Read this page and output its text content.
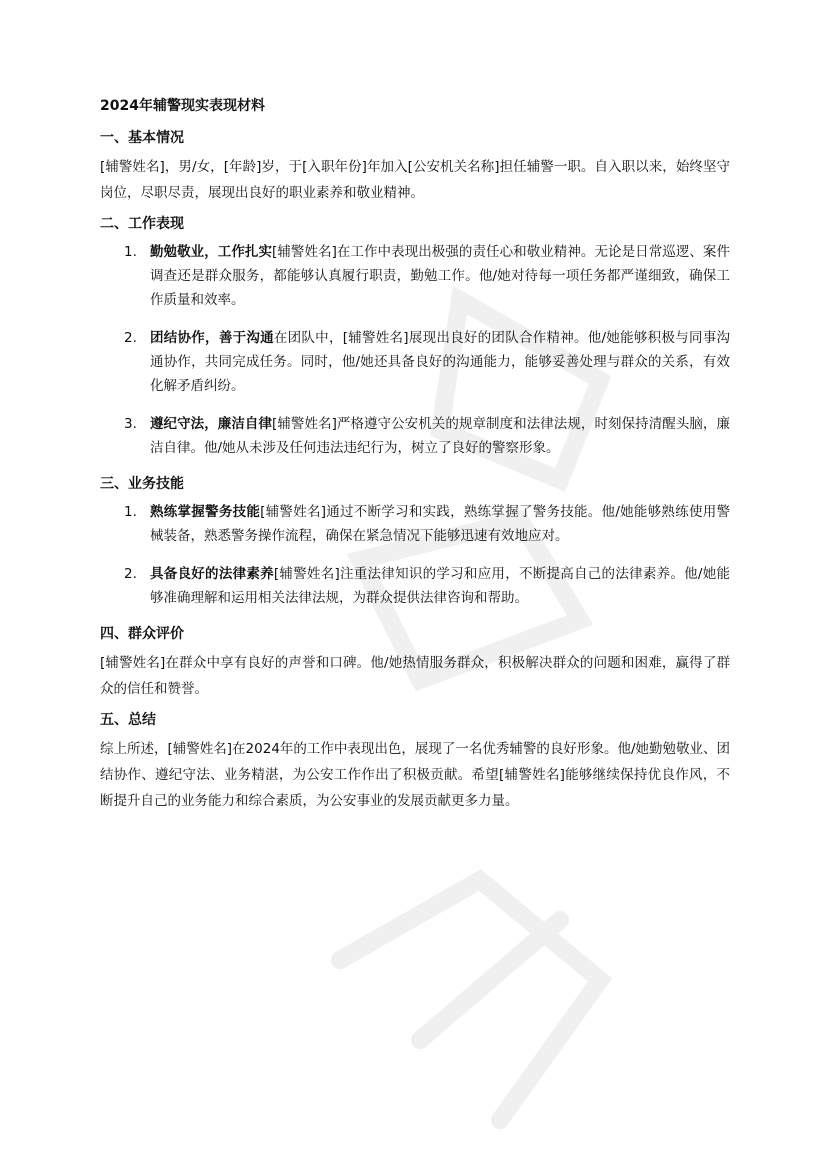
2024年辅警现实表现材料
一、基本情况

[辅警姓名]，男/女，[年龄]岁，于[入职年份]年加入[公安机关名称]担任辅警一职。自入职以来，始终坚守岗位，尽职尽责，展现出良好的职业素养和敬业精神。

二、工作表现
1. 勤勉敬业，工作扎实[辅警姓名]在工作中表现出极强的责任心和敬业精神。无论是日常巡逻、案件调查还是群众服务，都能够认真履行职责，勤勉工作。他/她对待每一项任务都严谨细致，确保工作质量和效率。
2. 团结协作，善于沟通在团队中，[辅警姓名]展现出良好的团队合作精神。他/她能够积极与同事沟通协作，共同完成任务。同时，他/她还具备良好的沟通能力，能够妥善处理与群众的关系，有效化解矛盾纠纷。
3. 遵纪守法，廉洁自律[辅警姓名]严格遵守公安机关的规章制度和法律法规，时刻保持清醒头脑，廉洁自律。他/她从未涉及任何违法违纪行为，树立了良好的警察形象。
三、业务技能
1. 熟练掌握警务技能[辅警姓名]通过不断学习和实践，熟练掌握了警务技能。他/她能够熟练使用警械装备，熟悉警务操作流程，确保在紧急情况下能够迅速有效地应对。
2. 具备良好的法律素养[辅警姓名]注重法律知识的学习和应用，不断提高自己的法律素养。他/她能够准确理解和运用相关法律法规，为群众提供法律咨询和帮助。
四、群众评价

[辅警姓名]在群众中享有良好的声誉和口碑。他/她热情服务群众，积极解决群众的问题和困难，赢得了群众的信任和赞誉。

五、总结

综上所述，[辅警姓名]在2024年的工作中表现出色，展现了一名优秀辅警的良好形象。他/她勤勉敬业、团结协作、遵纪守法、业务精湛，为公安工作作出了积极贡献。希望[辅警姓名]能够继续保持优良作风，不断提升自己的业务能力和综合素质，为公安事业的发展贡献更多力量。
